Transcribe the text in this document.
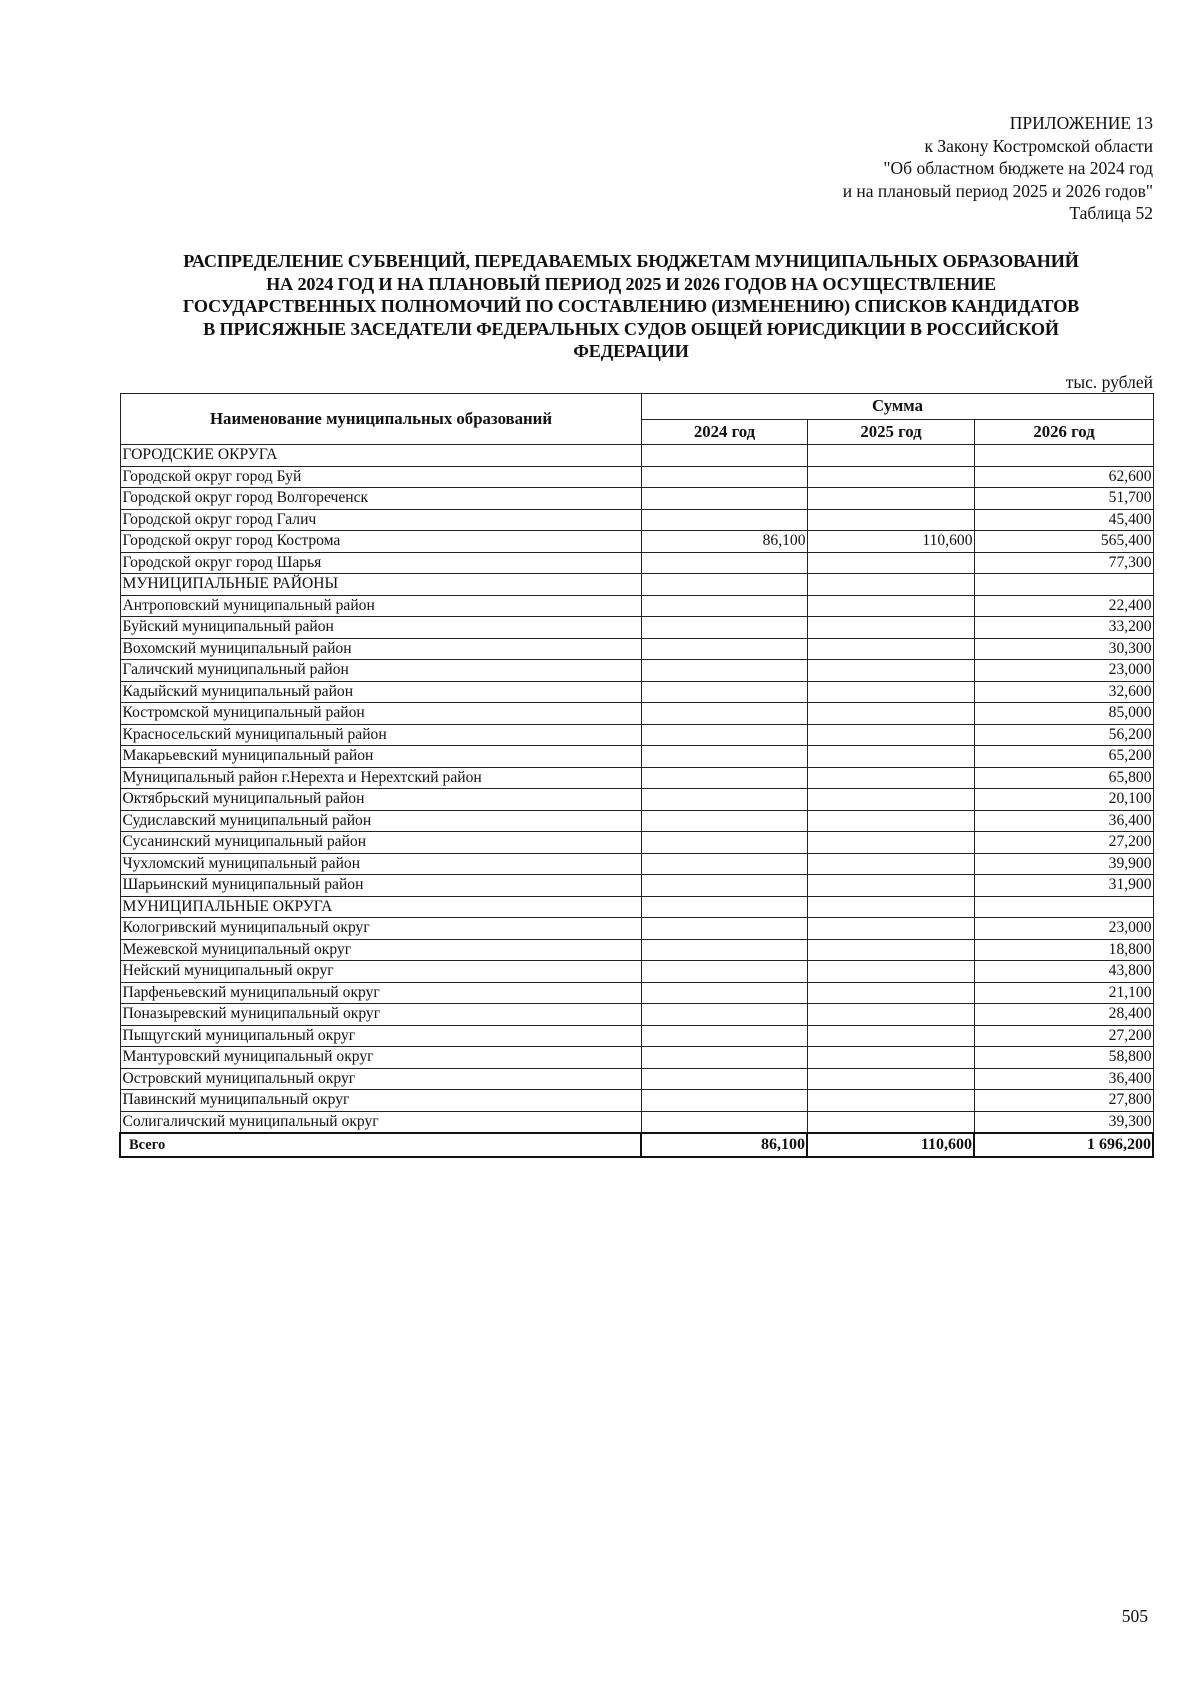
ПРИЛОЖЕНИЕ 13
к Закону Костромской области
"Об областном бюджете на 2024 год
и на плановый период 2025 и 2026 годов"
Таблица 52
РАСПРЕДЕЛЕНИЕ СУБВЕНЦИЙ, ПЕРЕДАВАЕМЫХ БЮДЖЕТАМ МУНИЦИПАЛЬНЫХ ОБРАЗОВАНИЙ
НА 2024 ГОД И НА ПЛАНОВЫЙ ПЕРИОД 2025 И 2026 ГОДОВ НА ОСУЩЕСТВЛЕНИЕ
ГОСУДАРСТВЕННЫХ ПОЛНОМОЧИЙ ПО СОСТАВЛЕНИЮ (ИЗМЕНЕНИЮ) СПИСКОВ КАНДИДАТОВ
В ПРИСЯЖНЫЕ ЗАСЕДАТЕЛИ ФЕДЕРАЛЬНЫХ СУДОВ ОБЩЕЙ ЮРИСДИКЦИИ В РОССИЙСКОЙ
ФЕДЕРАЦИИ
тыс. рублей
Наименование муниципальных образований	Сумма		
	2024 год	2025 год	2026 год
ГОРОДСКИЕ ОКРУГА			
Городской округ город Буй			62,600
Городской округ город Волгореченск			51,700
Городской округ город Галич			45,400
Городской округ город Кострома	86,100	110,600	565,400
Городской округ город Шарья			77,300
МУНИЦИПАЛЬНЫЕ РАЙОНЫ			
Антроповский муниципальный район			22,400
Буйский муниципальный район			33,200
Вохомский муниципальный район			30,300
Галичский муниципальный район			23,000
Кадыйский муниципальный район			32,600
Костромской муниципальный район			85,000
Красносельский муниципальный район			56,200
Макарьевский муниципальный район			65,200
Муниципальный район г.Нерехта и Нерехтский район			65,800
Октябрьский муниципальный район			20,100
Судиславский муниципальный район			36,400
Сусанинский муниципальный район			27,200
Чухломский муниципальный район			39,900
Шарьинский муниципальный район			31,900
МУНИЦИПАЛЬНЫЕ ОКРУГА			
Кологривский муниципальный округ			23,000
Межевской муниципальный округ			18,800
Нейский муниципальный округ			43,800
Парфеньевский муниципальный округ			21,100
Поназыревский муниципальный округ			28,400
Пыщугский муниципальный округ			27,200
Мантуровский муниципальный округ			58,800
Островский муниципальный округ			36,400
Павинский муниципальный округ			27,800
Солигаличский муниципальный округ			39,300
Всего	86,100	110,600	1 696,200
505
